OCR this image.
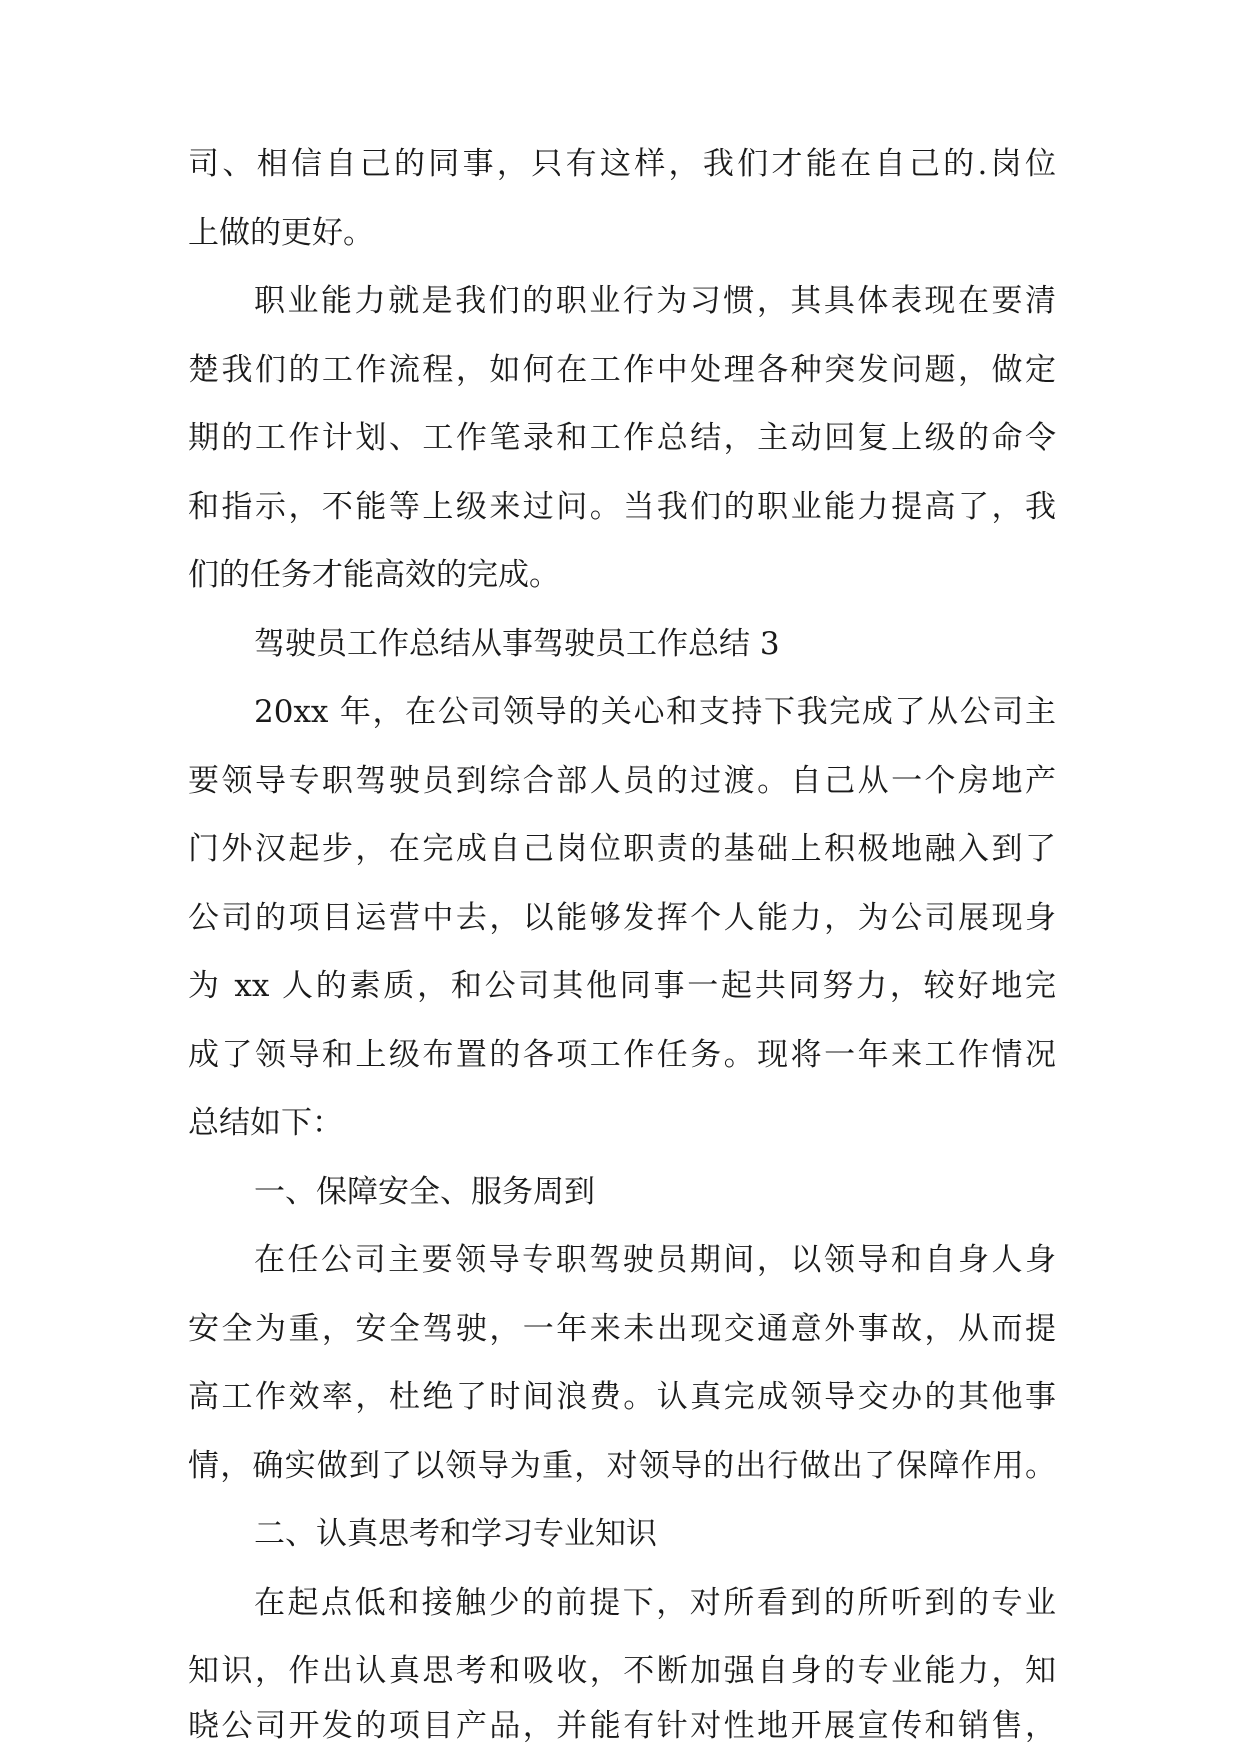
司、相信自己的同事，只有这样，我们才能在自己的.岗位
上做的更好。
职业能力就是我们的职业行为习惯，其具体表现在要清
楚我们的工作流程，如何在工作中处理各种突发问题，做定
期的工作计划、工作笔录和工作总结，主动回复上级的命令
和指示，不能等上级来过问。当我们的职业能力提高了，我
们的任务才能高效的完成。
驾驶员工作总结从事驾驶员工作总结 3
20xx 年，在公司领导的关心和支持下我完成了从公司主
要领导专职驾驶员到综合部人员的过渡。自己从一个房地产
门外汉起步，在完成自己岗位职责的基础上积极地融入到了
公司的项目运营中去，以能够发挥个人能力，为公司展现身
为 xx 人的素质，和公司其他同事一起共同努力，较好地完
成了领导和上级布置的各项工作任务。现将一年来工作情况
总结如下：
一、保障安全、服务周到
在任公司主要领导专职驾驶员期间，以领导和自身人身
安全为重，安全驾驶，一年来未出现交通意外事故，从而提
高工作效率，杜绝了时间浪费。认真完成领导交办的其他事
情，确实做到了以领导为重，对领导的出行做出了保障作用。
二、认真思考和学习专业知识
在起点低和接触少的前提下，对所看到的所听到的专业
知识，作出认真思考和吸收，不断加强自身的专业能力，知
晓公司开发的项目产品，并能有针对性地开展宣传和销售，
